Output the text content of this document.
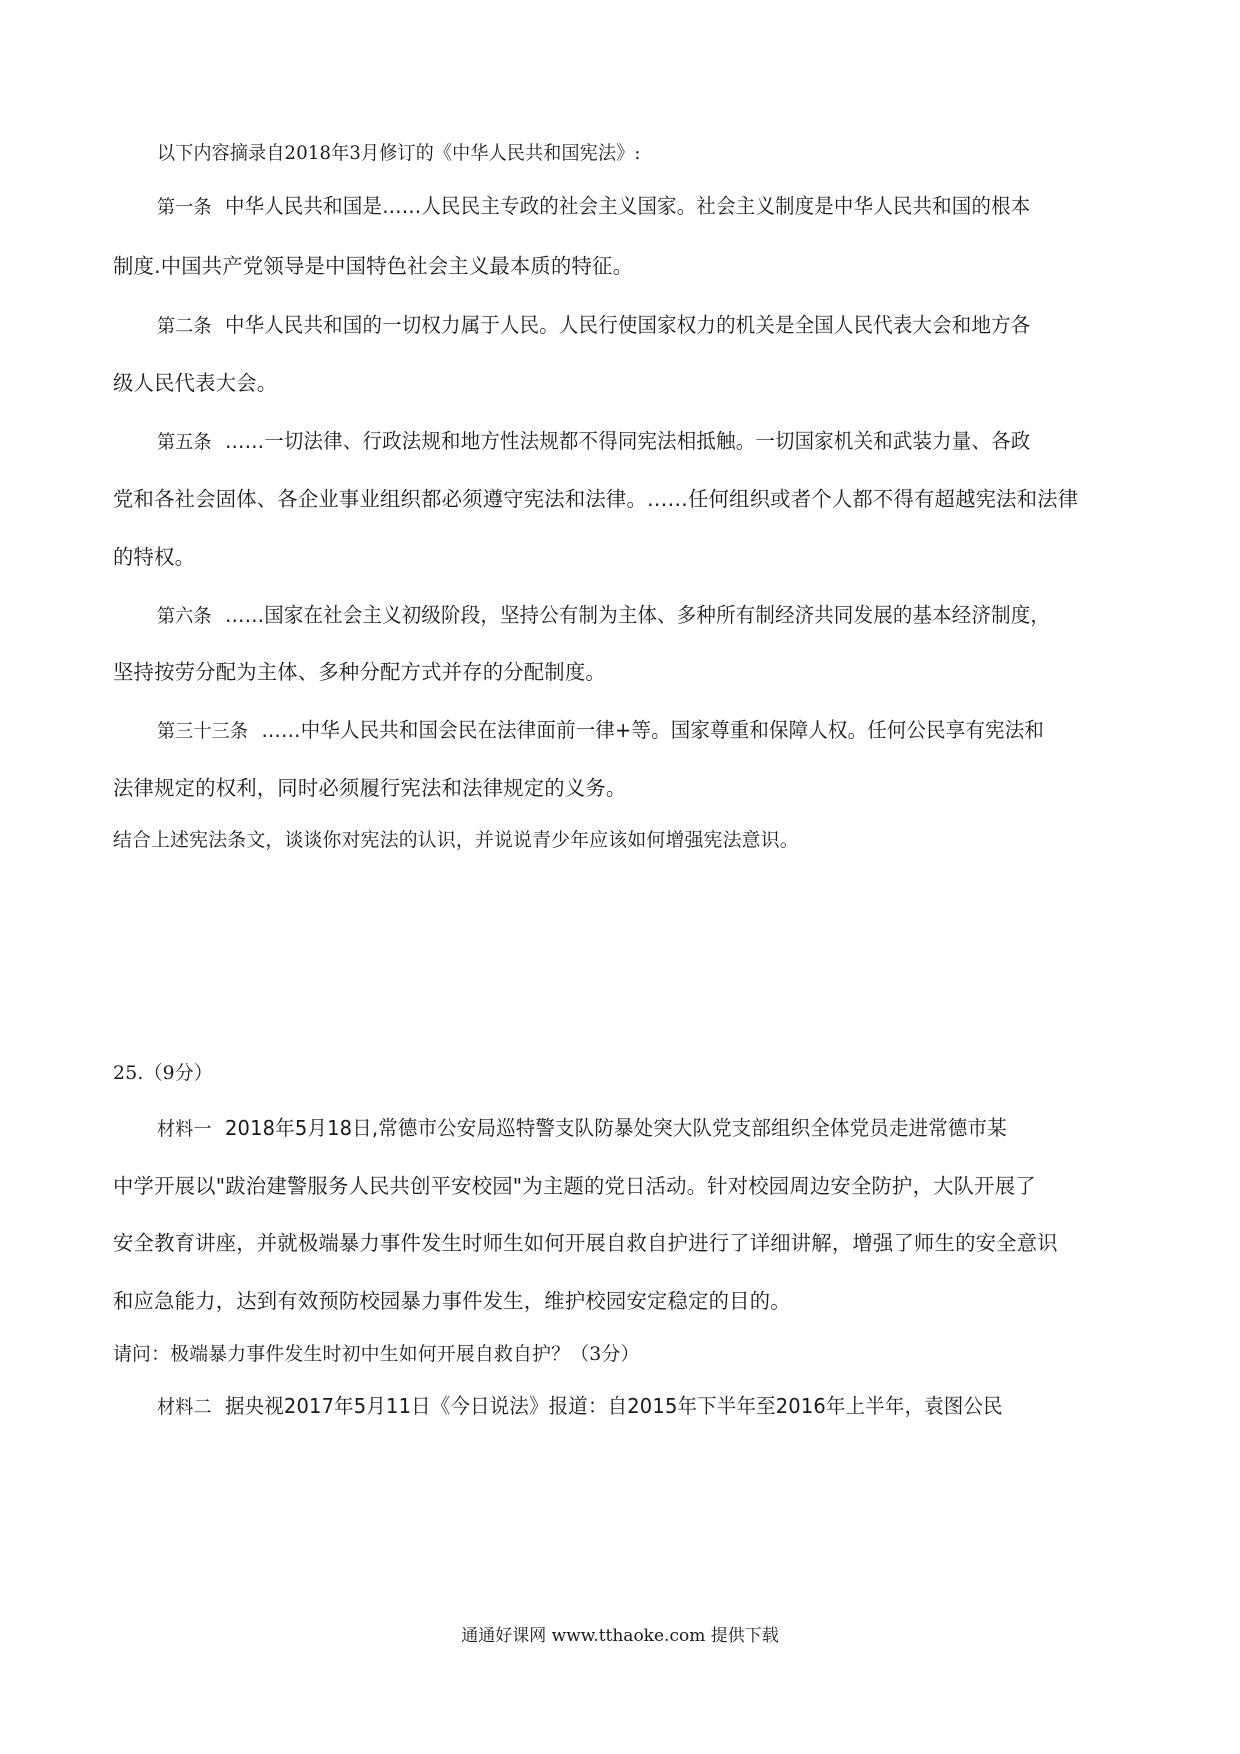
以下内容摘录自2018年3月修订的《中华人民共和国宪法》:
第一条 中华人民共和国是……人民民主专政的社会主义国家。社会主义制度是中华人民共和国的根本
制度.中国共产党领导是中国特色社会主义最本质的特征。
第二条 中华人民共和国的一切权力属于人民。人民行使国家权力的机关是全国人民代表大会和地方各
级人民代表大会。
第五条 ……一切法律、行政法规和地方性法规都不得同宪法相抵触。一切国家机关和武装力量、各政
党和各社会固体、各企业事业组织都必须遵守宪法和法律。……任何组织或者个人都不得有超越宪法和法律
的特权。
第六条 ……国家在社会主义初级阶段，坚持公有制为主体、多种所有制经济共同发展的基本经济制度，
坚持按劳分配为主体、多种分配方式并存的分配制度。
第三十三条 ……中华人民共和国会民在法律面前一律+等。国家尊重和保障人权。任何公民享有宪法和
法律规定的权利，同时必须履行宪法和法律规定的义务。
结合上述宪法条文，谈谈你对宪法的认识，并说说青少年应该如何增强宪法意识。
25.（9分）
材料一 2018年5月18日,常德市公安局巡特警支队防暴处突大队党支部组织全体党员走进常德市某
中学开展以"跋治建警服务人民共创平安校园"为主题的党日活动。针对校园周边安全防护，大队开展了
安全教育讲座，并就极端暴力事件发生时师生如何开展自救自护进行了详细讲解，增强了师生的安全意识
和应急能力，达到有效预防校园暴力事件发生，维护校园安定稳定的目的。
请问：极端暴力事件发生时初中生如何开展自救自护？（3分）
材料二 据央视2017年5月11日《今日说法》报道：自2015年下半年至2016年上半年，袁图公民
通通好课网 www.tthaoke.com 提供下载
